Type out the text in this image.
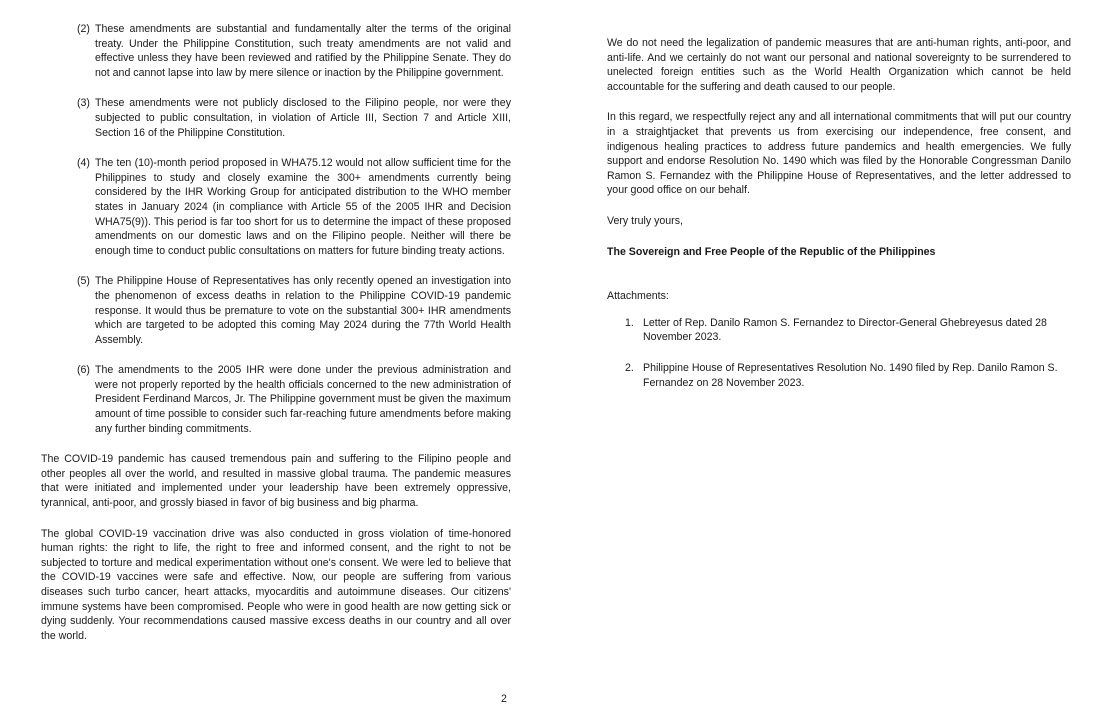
(2) These amendments are substantial and fundamentally alter the terms of the original treaty. Under the Philippine Constitution, such treaty amendments are not valid and effective unless they have been reviewed and ratified by the Philippine Senate. They do not and cannot lapse into law by mere silence or inaction by the Philippine government.
(3) These amendments were not publicly disclosed to the Filipino people, nor were they subjected to public consultation, in violation of Article III, Section 7 and Article XIII, Section 16 of the Philippine Constitution.
(4) The ten (10)-month period proposed in WHA75.12 would not allow sufficient time for the Philippines to study and closely examine the 300+ amendments currently being considered by the IHR Working Group for anticipated distribution to the WHO member states in January 2024 (in compliance with Article 55 of the 2005 IHR and Decision WHA75(9)). This period is far too short for us to determine the impact of these proposed amendments on our domestic laws and on the Filipino people. Neither will there be enough time to conduct public consultations on matters for future binding treaty actions.
(5) The Philippine House of Representatives has only recently opened an investigation into the phenomenon of excess deaths in relation to the Philippine COVID-19 pandemic response. It would thus be premature to vote on the substantial 300+ IHR amendments which are targeted to be adopted this coming May 2024 during the 77th World Health Assembly.
(6) The amendments to the 2005 IHR were done under the previous administration and were not properly reported by the health officials concerned to the new administration of President Ferdinand Marcos, Jr. The Philippine government must be given the maximum amount of time possible to consider such far-reaching future amendments before making any further binding commitments.

The COVID-19 pandemic has caused tremendous pain and suffering to the Filipino people and other peoples all over the world, and resulted in massive global trauma. The pandemic measures that were initiated and implemented under your leadership have been extremely oppressive, tyrannical, anti-poor, and grossly biased in favor of big business and big pharma.

The global COVID-19 vaccination drive was also conducted in gross violation of time-honored human rights: the right to life, the right to free and informed consent, and the right to not be subjected to torture and medical experimentation without one's consent. We were led to believe that the COVID-19 vaccines were safe and effective. Now, our people are suffering from various diseases such turbo cancer, heart attacks, myocarditis and autoimmune diseases. Our citizens' immune systems have been compromised. People who were in good health are now getting sick or dying suddenly. Your recommendations caused massive excess deaths in our country and all over the world.

We do not need the legalization of pandemic measures that are anti-human rights, anti-poor, and anti-life. And we certainly do not want our personal and national sovereignty to be surrendered to unelected foreign entities such as the World Health Organization which cannot be held accountable for the suffering and death caused to our people.

In this regard, we respectfully reject any and all international commitments that will put our country in a straightjacket that prevents us from exercising our independence, free consent, and indigenous healing practices to address future pandemics and health emergencies. We fully support and endorse Resolution No. 1490 which was filed by the Honorable Congressman Danilo Ramon S. Fernandez with the Philippine House of Representatives, and the letter addressed to your good office on our behalf.

Very truly yours,

The Sovereign and Free People of the Republic of the Philippines

Attachments:

1. Letter of Rep. Danilo Ramon S. Fernandez to Director-General Ghebreyesus dated 28 November 2023.
2. Philippine House of Representatives Resolution No. 1490 filed by Rep. Danilo Ramon S. Fernandez on 28 November 2023.
2
